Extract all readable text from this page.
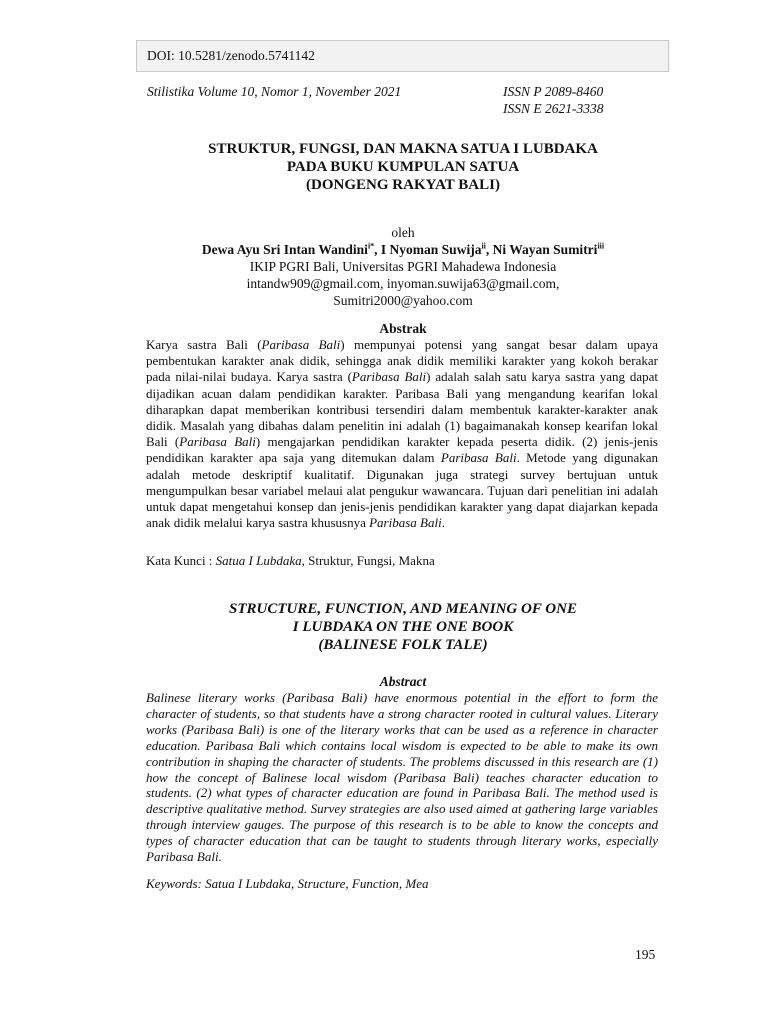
DOI: 10.5281/zenodo.5741142
Stilistika Volume 10, Nomor 1, November 2021	ISSN P 2089-8460
ISSN E 2621-3338
STRUKTUR, FUNGSI, DAN MAKNA SATUA I LUBDAKA
PADA BUKU KUMPULAN SATUA
(DONGENG RAKYAT BALI)
oleh
Dewa Ayu Sri Intan Wandini$^{i*}$, I Nyoman Suwija$^{ii}$, Ni Wayan Sumitri$^{iii}$
IKIP PGRI Bali, Universitas PGRI Mahadewa Indonesia
intandw909@gmail.com, inyoman.suwija63@gmail.com,
Sumitri2000@yahoo.com
Abstrak

Karya sastra Bali (Paribasa Bali) mempunyai potensi yang sangat besar dalam upaya pembentukan karakter anak didik, sehingga anak didik memiliki karakter yang kokoh berakar pada nilai-nilai budaya. Karya sastra (Paribasa Bali) adalah salah satu karya sastra yang dapat dijadikan acuan dalam pendidikan karakter. Paribasa Bali yang mengandung kearifan lokal diharapkan dapat memberikan kontribusi tersendiri dalam membentuk karakter-karakter anak didik. Masalah yang dibahas dalam penelitin ini adalah (1) bagaimanakah konsep kearifan lokal Bali (Paribasa Bali) mengajarkan pendidikan karakter kepada peserta didik. (2) jenis-jenis pendidikan karakter apa saja yang ditemukan dalam Paribasa Bali. Metode yang digunakan adalah metode deskriptif kualitatif. Digunakan juga strategi survey bertujuan untuk mengumpulkan besar variabel melaui alat pengukur wawancara. Tujuan dari penelitian ini adalah untuk dapat mengetahui konsep dan jenis-jenis pendidikan karakter yang dapat diajarkan kepada anak didik melalui karya sastra khususnya Paribasa Bali.

Kata Kunci : Satua I Lubdaka, Struktur, Fungsi, Makna
STRUCTURE, FUNCTION, AND MEANING OF ONE
I LUBDAKA ON THE ONE BOOK
(BALINESE FOLK TALE)
Abstract

Balinese literary works (Paribasa Bali) have enormous potential in the effort to form the character of students, so that students have a strong character rooted in cultural values. Literary works (Paribasa Bali) is one of the literary works that can be used as a reference in character education. Paribasa Bali which contains local wisdom is expected to be able to make its own contribution in shaping the character of students. The problems discussed in this research are (1) how the concept of Balinese local wisdom (Paribasa Bali) teaches character education to students. (2) what types of character education are found in Paribasa Bali. The method used is descriptive qualitative method. Survey strategies are also used aimed at gathering large variables through interview gauges. The purpose of this research is to be able to know the concepts and types of character education that can be taught to students through literary works, especially Paribasa Bali.

Keywords: Satua I Lubdaka, Structure, Function, Mea
195
